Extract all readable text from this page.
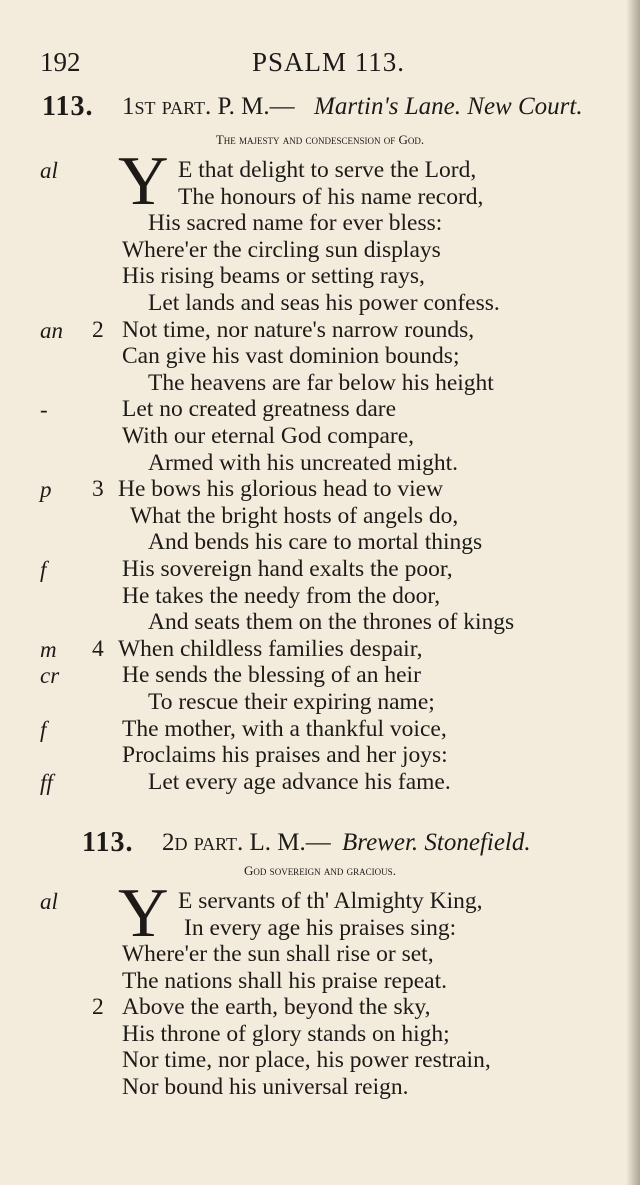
192	PSALM 113.
113. 1st part. P. M.— Martin's Lane. New Court.
The majesty and condescension of God.
Y
al	E that delight to serve the Lord,
The honours of his name record,
His sacred name for ever bless:
Where'er the circling sun displays
His rising beams or setting rays,
Let lands and seas his power confess.
an 2 Not time, nor nature's narrow rounds,
Can give his vast dominion bounds;
The heavens are far below his height
-	Let no created greatness dare
With our eternal God compare,
Armed with his uncreated might.
p 3 He bows his glorious head to view
What the bright hosts of angels do,
And bends his care to mortal things
f	His sovereign hand exalts the poor,
He takes the needy from the door,
And seats them on the thrones of kings
m 4 When childless families despair,
cr	He sends the blessing of an heir
To rescue their expiring name;
f	The mother, with a thankful voice,
Proclaims his praises and her joys:
ff	Let every age advance his fame.
113. 2d part. L. M.— Brewer. Stonefield.
God sovereign and gracious.
Y
al	E servants of th' Almighty King,
In every age his praises sing:
Where'er the sun shall rise or set,
The nations shall his praise repeat.
2 Above the earth, beyond the sky,
His throne of glory stands on high;
Nor time, nor place, his power restrain,
Nor bound his universal reign.
